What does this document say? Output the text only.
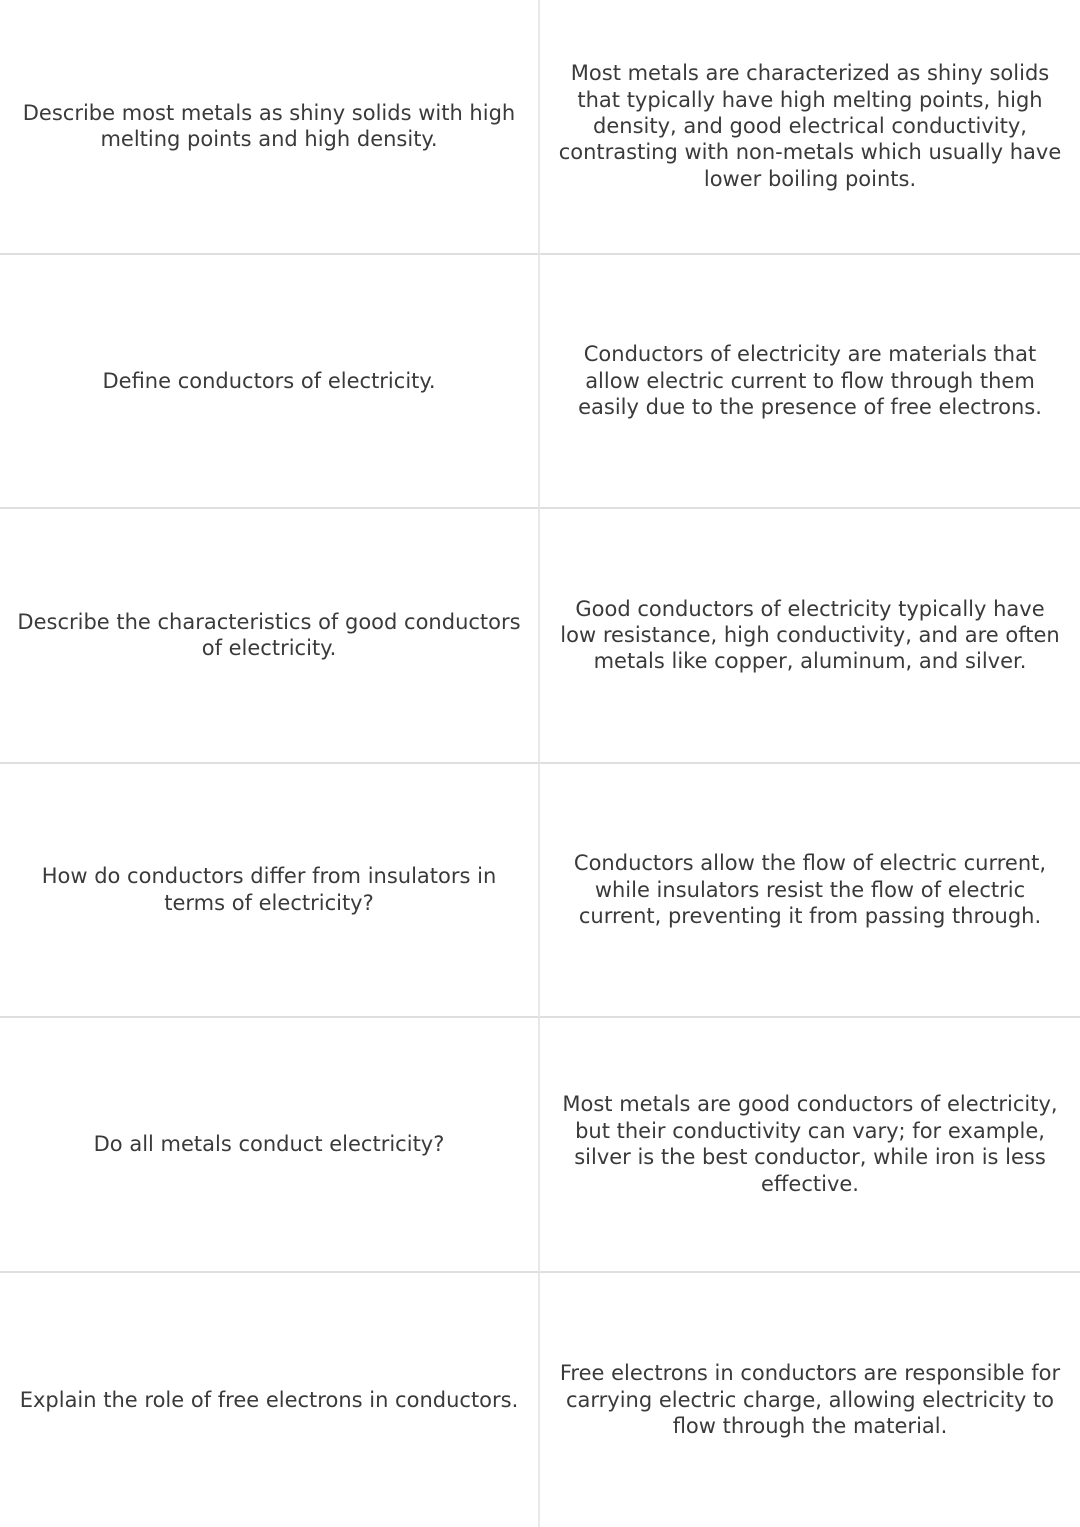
Describe most metals as shiny solids with high melting points and high density.
Most metals are characterized as shiny solids that typically have high melting points, high density, and good electrical conductivity, contrasting with non-metals which usually have lower boiling points.
Define conductors of electricity.
Conductors of electricity are materials that allow electric current to flow through them easily due to the presence of free electrons.
Describe the characteristics of good conductors of electricity.
Good conductors of electricity typically have low resistance, high conductivity, and are often metals like copper, aluminum, and silver.
How do conductors differ from insulators in terms of electricity?
Conductors allow the flow of electric current, while insulators resist the flow of electric current, preventing it from passing through.
Do all metals conduct electricity?
Most metals are good conductors of electricity, but their conductivity can vary; for example, silver is the best conductor, while iron is less effective.
Explain the role of free electrons in conductors.
Free electrons in conductors are responsible for carrying electric charge, allowing electricity to flow through the material.
